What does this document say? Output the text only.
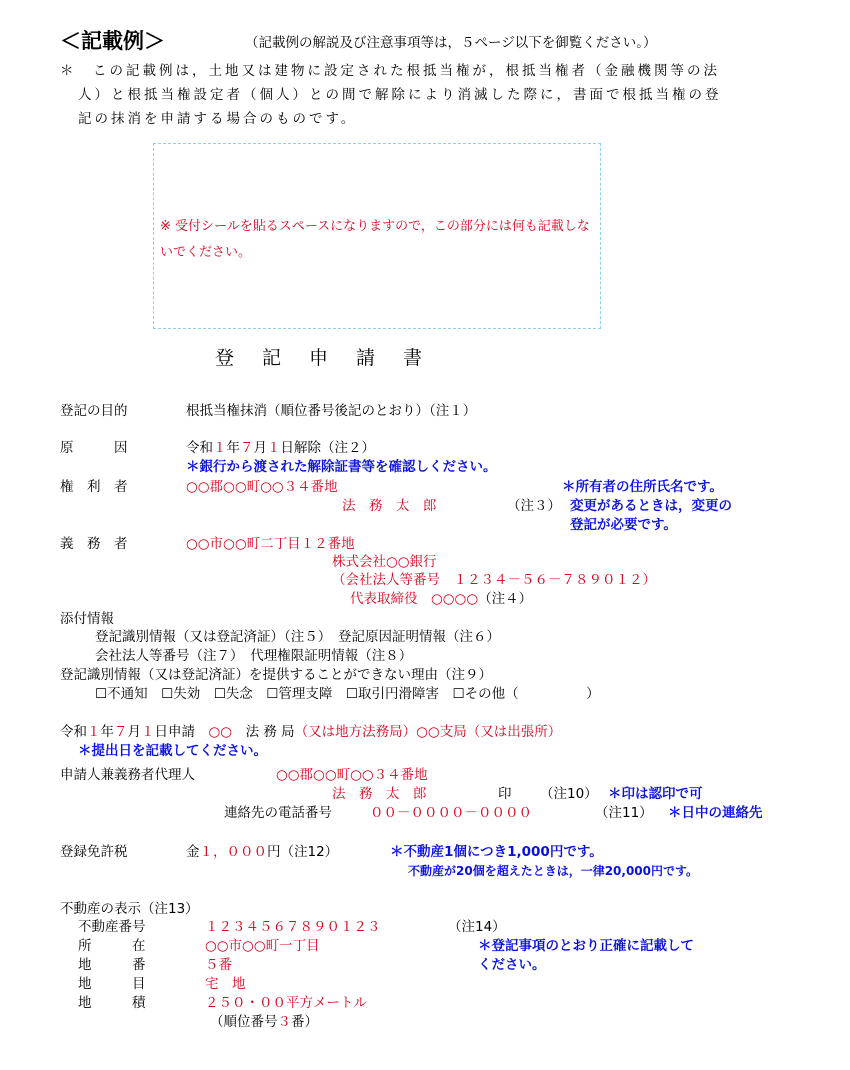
＜記載例＞	（記載例の解説及び注意事項等は，５ページ以下を御覧ください。）
＊　この記載例は，土地又は建物に設定された根抵当権が，根抵当権者（金融機関等の法
人）と根抵当権設定者（個人）との間で解除により消滅した際に，書面で根抵当権の登
記の抹消を申請する場合のものです。
※ 受付シールを貼るスペースになりますので，この部分には何も記載しないでください。
登記申請書
登記の目的	根抵当権抹消（順位番号後記のとおり）（注１）
原　　　因	令和１年７月１日解除（注２）
＊銀行から渡された解除証書等を確認しください。
権　利　者	○○郡○○町○○３４番地
法　務　太　郎	（注３）
＊所有者の住所氏名です。
変更があるときは，変更の
登記が必要です。
義　務　者	○○市○○町二丁目１２番地
株式会社○○銀行
（会社法人等番号　１２３４－５６－７８９０１２）
代表取締役　 ○○○○（注４）
添付情報
登記識別情報（又は登記済証）（注５）　登記原因証明情報（注６）
会社法人等番号（注７）　代理権限証明情報（注８）
登記識別情報（又は登記済証）を提供することができない理由（注９）
☐不通知　☐失効　☐失念　☐管理支障　☐取引円滑障害　☐その他（　　　　　）
令和１年７月１日申請　 ○○　 法 務 局（又は地方法務局）○○支局（又は出張所）
＊提出日を記載してください。
申請人兼義務者代理人	○○郡○○町○○３４番地
法　務　太　郎	印 （注10） ＊印は認印で可
連絡先の電話番号	００－００００－００００	（注11） ＊日中の連絡先
登録免許税	金１，０００円（注12）	＊不動産1個につき1,000円です。
不動産が20個を超えたときは，一律20,000円です。
不動産の表示（注13）
不動産番号	１２３４５６７８９０１２３	（注14）
所　　　在	○○市○○町一丁目
地　　　番	５番
地　　　目	宅　地
地　　　積	２５０・００平方メートル
（順位番号３番）
＊登記事項のとおり正確に記載して
ください。
